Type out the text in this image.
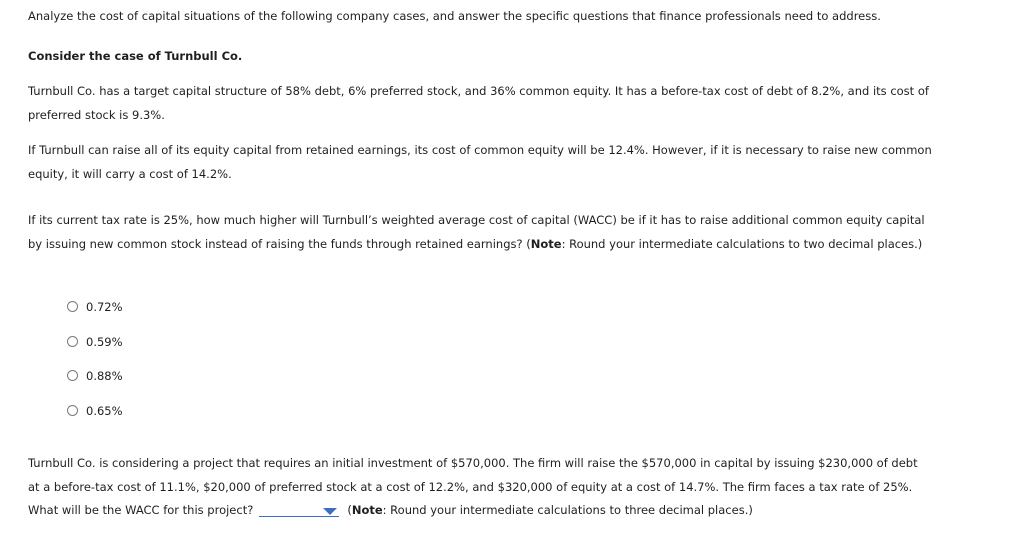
Analyze the cost of capital situations of the following company cases, and answer the specific questions that finance professionals need to address.

Consider the case of Turnbull Co.

Turnbull Co. has a target capital structure of 58% debt, 6% preferred stock, and 36% common equity. It has a before-tax cost of debt of 8.2%, and its cost of preferred stock is 9.3%.

If Turnbull can raise all of its equity capital from retained earnings, its cost of common equity will be 12.4%. However, if it is necessary to raise new common equity, it will carry a cost of 14.2%.

If its current tax rate is 25%, how much higher will Turnbull’s weighted average cost of capital (WACC) be if it has to raise additional common equity capital by issuing new common stock instead of raising the funds through retained earnings? (Note: Round your intermediate calculations to two decimal places.)

0.72%
0.59%
0.88%
0.65%

Turnbull Co. is considering a project that requires an initial investment of $570,000. The firm will raise the $570,000 in capital by issuing $230,000 of debt at a before-tax cost of 11.1%, $20,000 of preferred stock at a cost of 12.2%, and $320,000 of equity at a cost of 14.7%. The firm faces a tax rate of 25%. What will be the WACC for this project?	(Note: Round your intermediate calculations to three decimal places.)
